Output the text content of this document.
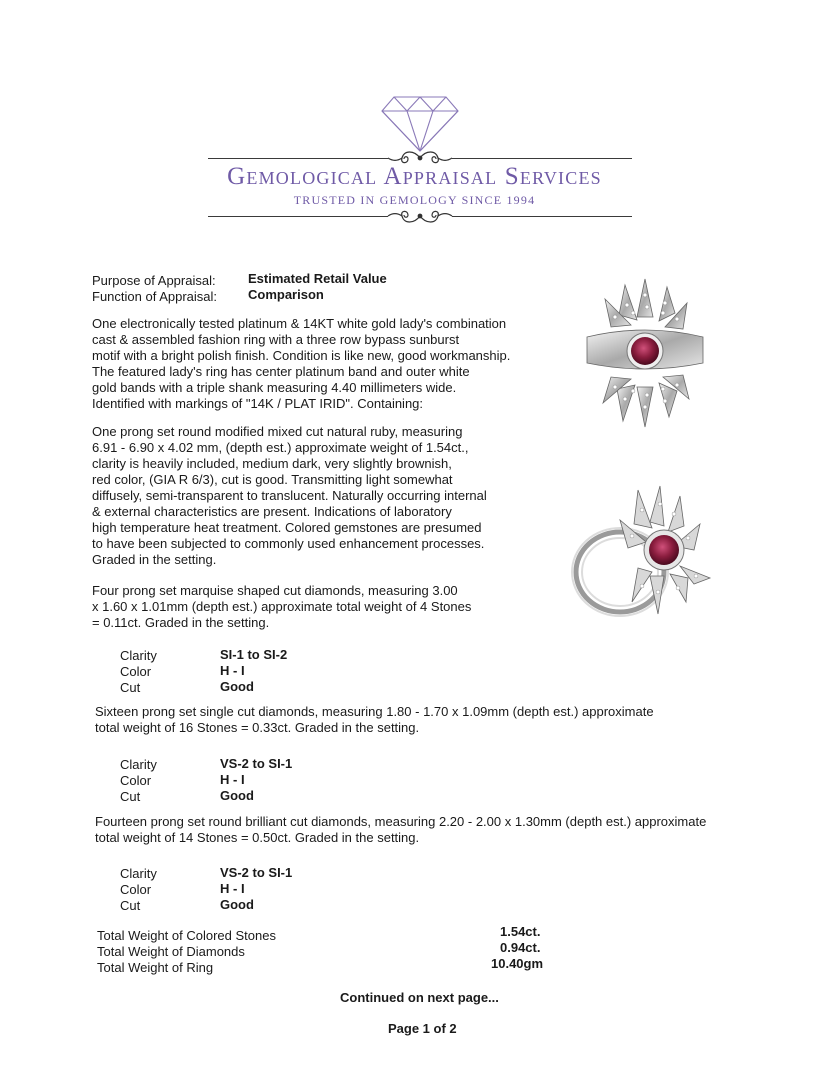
Gemological Appraisal Services
TRUSTED IN GEMOLOGY SINCE 1994
Purpose of Appraisal: Estimated Retail Value
Function of Appraisal: Comparison
One electronically tested platinum & 14KT white gold lady's combination
cast & assembled fashion ring with a three row bypass sunburst
motif with a bright polish finish. Condition is like new, good workmanship.
The featured lady's ring has center platinum band and outer white
gold bands with a triple shank measuring 4.40 millimeters wide.
Identified with markings of "14K / PLAT IRID". Containing:
One prong set round modified mixed cut natural ruby, measuring
6.91 - 6.90 x 4.02 mm, (depth est.) approximate weight of 1.54ct.,
clarity is heavily included, medium dark, very slightly brownish,
red color, (GIA R 6/3), cut is good. Transmitting light somewhat
diffusely, semi-transparent to translucent. Naturally occurring internal
& external characteristics are present. Indications of laboratory
high temperature heat treatment. Colored gemstones are presumed
to have been subjected to commonly used enhancement processes.
Graded in the setting.
Four prong set marquise shaped cut diamonds, measuring 3.00
x 1.60 x 1.01mm (depth est.) approximate total weight of 4 Stones
= 0.11ct. Graded in the setting.
Clarity	SI-1 to SI-2
Color	H - I
Cut	Good
Sixteen prong set single cut diamonds, measuring 1.80 - 1.70 x 1.09mm (depth est.) approximate
total weight of 16 Stones = 0.33ct. Graded in the setting.
Clarity	VS-2 to SI-1
Color	H - I
Cut	Good
Fourteen prong set round brilliant cut diamonds, measuring 2.20 - 2.00 x 1.30mm (depth est.) approximate
total weight of 14 Stones = 0.50ct. Graded in the setting.
Clarity	VS-2 to SI-1
Color	H - I
Cut	Good
Total Weight of Colored Stones	1.54ct.
Total Weight of Diamonds	0.94ct.
Total Weight of Ring	10.40gm
Continued on next page...
Page 1 of 2
